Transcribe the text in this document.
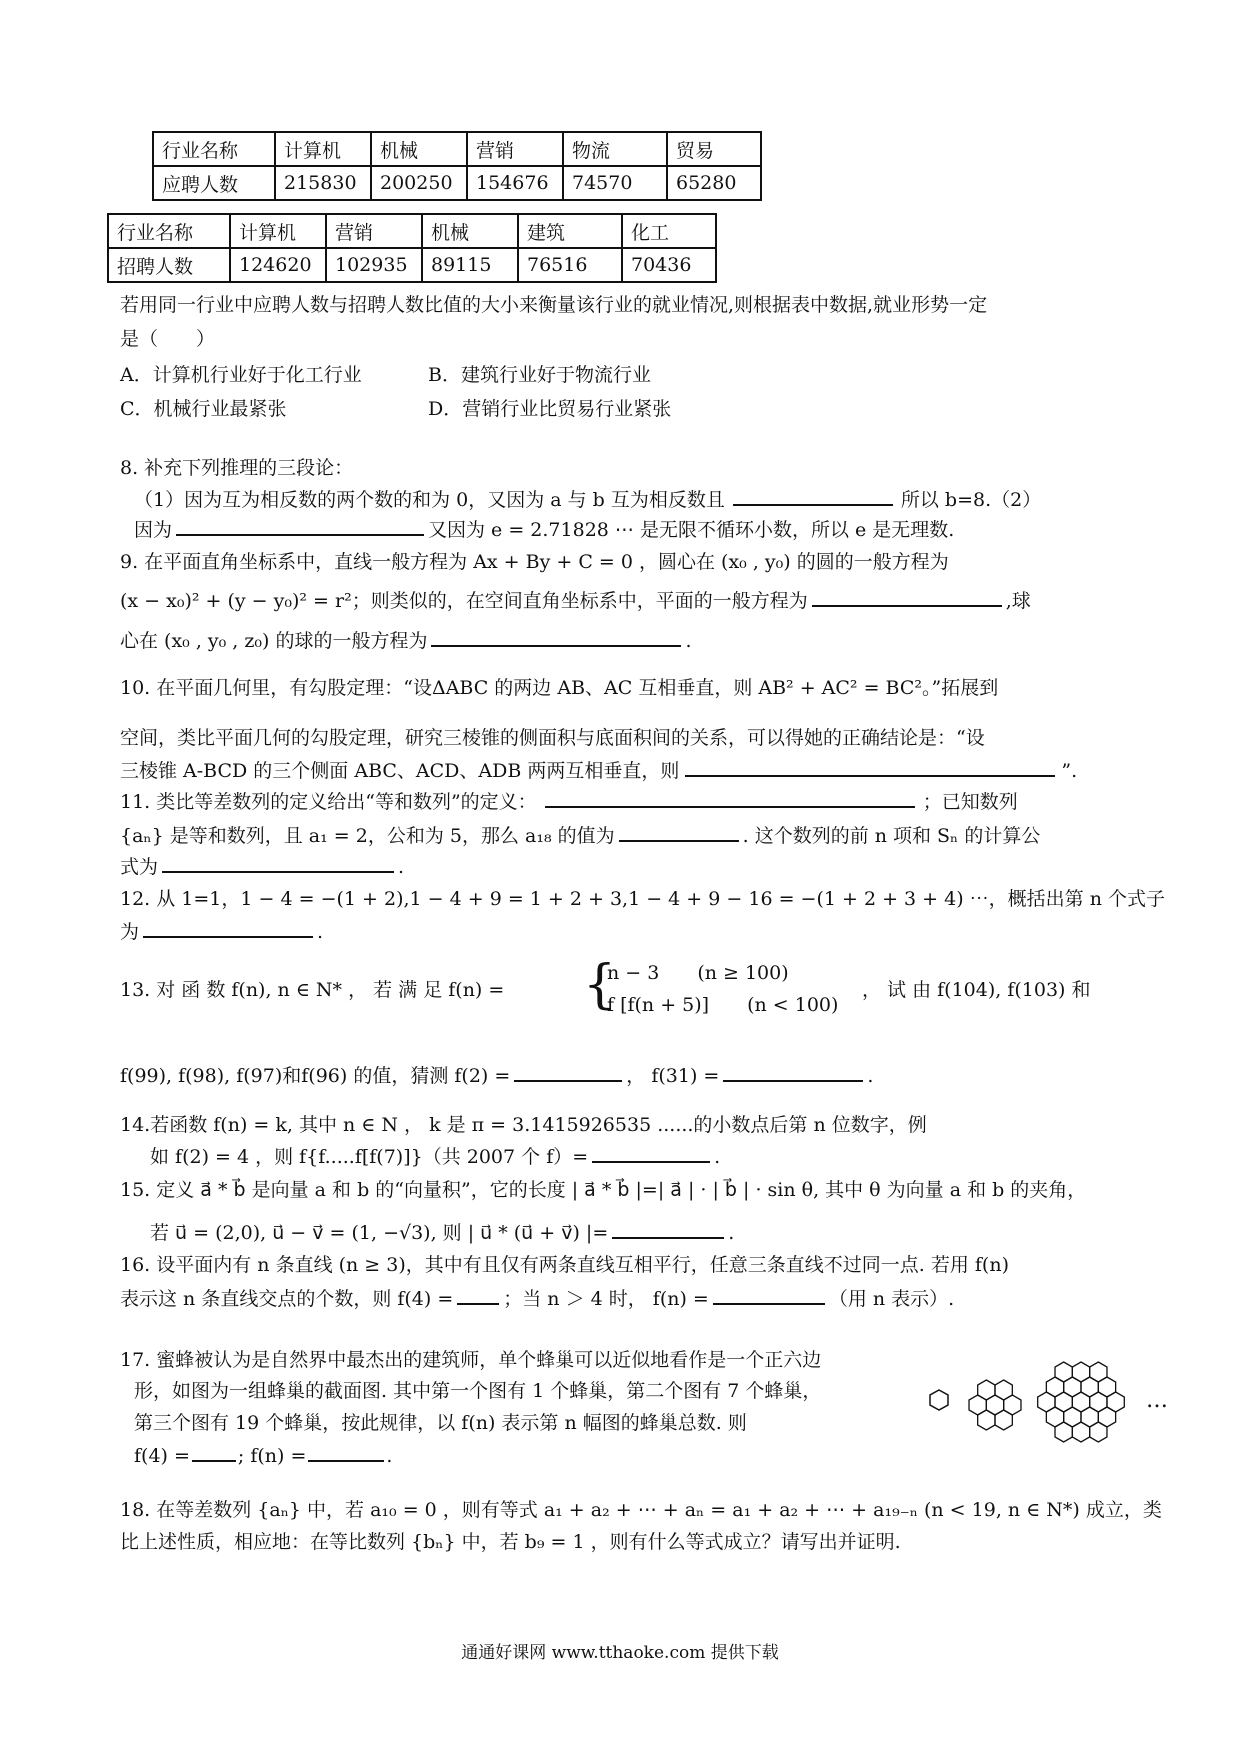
行业名称	计算机	机械	营销	物流	贸易
应聘人数	215830	200250	154676	74570	65280
行业名称	计算机	营销	机械	建筑	化工
招聘人数	124620	102935	89115	76516	70436
若用同一行业中应聘人数与招聘人数比值的大小来衡量该行业的就业情况,则根据表中数据,就业形势一定
是（　　）
A．计算机行业好于化工行业	B．建筑行业好于物流行业
C．机械行业最紧张	D．营销行业比贸易行业紧张
8. 补充下列推理的三段论：
（1）因为互为相反数的两个数的和为 0，又因为 a 与 b 互为相反数且	所以 b=8.（2）
因为	又因为 e = 2.71828 ⋯ 是无限不循环小数，所以 e 是无理数.
9. 在平面直角坐标系中，直线一般方程为 Ax + By + C = 0 ，圆心在 (x₀ , y₀) 的圆的一般方程为
(x − x₀)² + (y − y₀)² = r²；则类似的，在空间直角坐标系中，平面的一般方程为	,球
心在 (x₀ , y₀ , z₀) 的球的一般方程为	.
10. 在平面几何里，有勾股定理：“设ΔABC 的两边 AB、AC 互相垂直，则 AB² + AC² = BC²。”拓展到
空间，类比平面几何的勾股定理，研究三棱锥的侧面积与底面积间的关系，可以得她的正确结论是：“设
三棱锥 A-BCD 的三个侧面 ABC、ACD、ADB 两两互相垂直，则	”.
11. 类比等差数列的定义给出“等和数列”的定义：	；已知数列
{aₙ} 是等和数列，且 a₁ = 2，公和为 5，那么 a₁₈ 的值为	. 这个数列的前 n 项和 Sₙ 的计算公
式为	.
12. 从 1=1，1 − 4 = −(1 + 2),1 − 4 + 9 = 1 + 2 + 3,1 − 4 + 9 − 16 = −(1 + 2 + 3 + 4) ⋯，概括出第 n 个式子
为	.
13. 对 函 数 f(n), n ∈ N* ， 若 满 足 f(n) = {
n − 3　　(n ≥ 100)
f [f(n + 5)]　　(n < 100)
， 试 由 f(104), f(103) 和
f(99), f(98), f(97)和f(96) 的值，猜测 f(2) =	， f(31) =	.
14.若函数 f(n) = k, 其中 n ∈ N ， k 是 π = 3.1415926535 ......的小数点后第 n 位数字，例
如 f(2) = 4 ，则 f{f.....f[f(7)]}（共 2007 个 f）=	.
15. 定义 a⃗ * b⃗ 是向量 a 和 b 的“向量积”，它的长度 | a⃗ * b⃗ |=| a⃗ | · | b⃗ | · sin θ, 其中 θ 为向量 a 和 b 的夹角，
若 u⃗ = (2,0), u⃗ − v⃗ = (1, −√3), 则 | u⃗ * (u⃗ + v⃗) |=	.
16. 设平面内有 n 条直线 (n ≥ 3)，其中有且仅有两条直线互相平行，任意三条直线不过同一点. 若用 f(n)
表示这 n 条直线交点的个数，则 f(4) =	；当 n ＞ 4 时， f(n) =	（用 n 表示）.
17. 蜜蜂被认为是自然界中最杰出的建筑师，单个蜂巢可以近似地看作是一个正六边
形，如图为一组蜂巢的截面图. 其中第一个图有 1 个蜂巢，第二个图有 7 个蜂巢，
第三个图有 19 个蜂巢，按此规律，以 f(n) 表示第 n 幅图的蜂巢总数. 则
f(4) =	; f(n) =	.
…
18. 在等差数列 {aₙ} 中，若 a₁₀ = 0 ，则有等式 a₁ + a₂ + ⋯ + aₙ = a₁ + a₂ + ⋯ + a₁₉₋ₙ (n < 19, n ∈ N*) 成立，类
比上述性质，相应地：在等比数列 {bₙ} 中，若 b₉ = 1 ，则有什么等式成立？请写出并证明.
通通好课网 www.tthaoke.com 提供下载
